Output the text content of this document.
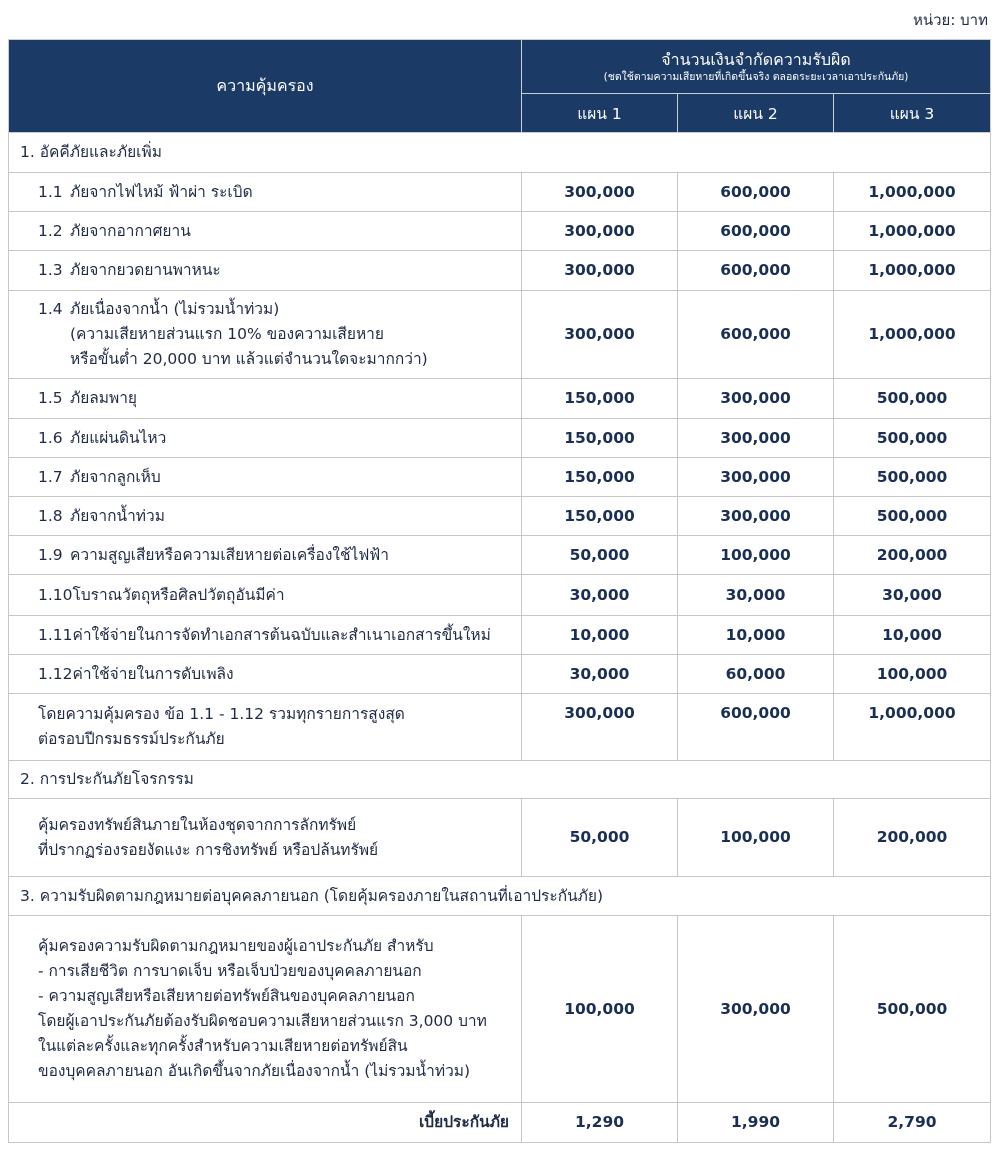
หน่วย: บาท
ความคุ้มครอง	จำนวนเงินจำกัดความรับผิด
(ชดใช้ตามความเสียหายที่เกิดขึ้นจริง ตลอดระยะเวลาเอาประกันภัย)		

	แผน 1	แผน 2	แผน 3
1. อัคคีภัยและภัยเพิ่ม			

1.1 ภัยจากไฟไหม้ ฟ้าผ่า ระเบิด	300,000	600,000	1,000,000

1.2 ภัยจากอากาศยาน	300,000	600,000	1,000,000

1.3 ภัยจากยวดยานพาหนะ	300,000	600,000	1,000,000

1.4 ภัยเนื่องจากน้ำ (ไม่รวมน้ำท่วม)
(ความเสียหายส่วนแรก 10% ของความเสียหาย
หรือขั้นต่ำ 20,000 บาท แล้วแต่จำนวนใดจะมากกว่า)	300,000	600,000	1,000,000

1.5 ภัยลมพายุ	150,000	300,000	500,000

1.6 ภัยแผ่นดินไหว	150,000	300,000	500,000

1.7 ภัยจากลูกเห็บ	150,000	300,000	500,000

1.8 ภัยจากน้ำท่วม	150,000	300,000	500,000

1.9 ความสูญเสียหรือความเสียหายต่อเครื่องใช้ไฟฟ้า	50,000	100,000	200,000

1.10โบราณวัตถุหรือศิลปวัตถุอันมีค่า	30,000	30,000	30,000

1.11ค่าใช้จ่ายในการจัดทำเอกสารต้นฉบับและสำเนาเอกสารขึ้นใหม่	10,000	10,000	10,000

1.12ค่าใช้จ่ายในการดับเพลิง	30,000	60,000	100,000

โดยความคุ้มครอง ข้อ 1.1 - 1.12 รวมทุกรายการสูงสุด
ต่อรอบปีกรมธรรม์ประกันภัย	300,000	600,000	1,000,000
2. การประกันภัยโจรกรรม			

คุ้มครองทรัพย์สินภายในห้องชุดจากการลักทรัพย์
ที่ปรากฏร่องรอยงัดแงะ การชิงทรัพย์ หรือปล้นทรัพย์	50,000	100,000	200,000
3. ความรับผิดตามกฎหมายต่อบุคคลภายนอก (โดยคุ้มครองภายในสถานที่เอาประกันภัย)			

คุ้มครองความรับผิดตามกฎหมายของผู้เอาประกันภัย สำหรับ
- การเสียชีวิต การบาดเจ็บ หรือเจ็บป่วยของบุคคลภายนอก
- ความสูญเสียหรือเสียหายต่อทรัพย์สินของบุคคลภายนอก
โดยผู้เอาประกันภัยต้องรับผิดชอบความเสียหายส่วนแรก 3,000 บาท
ในแต่ละครั้งและทุกครั้งสำหรับความเสียหายต่อทรัพย์สิน
ของบุคคลภายนอก อันเกิดขึ้นจากภัยเนื่องจากน้ำ (ไม่รวมน้ำท่วม)
	100,000	300,000	500,000
เบี้ยประกันภัย	1,290	1,990	2,790
